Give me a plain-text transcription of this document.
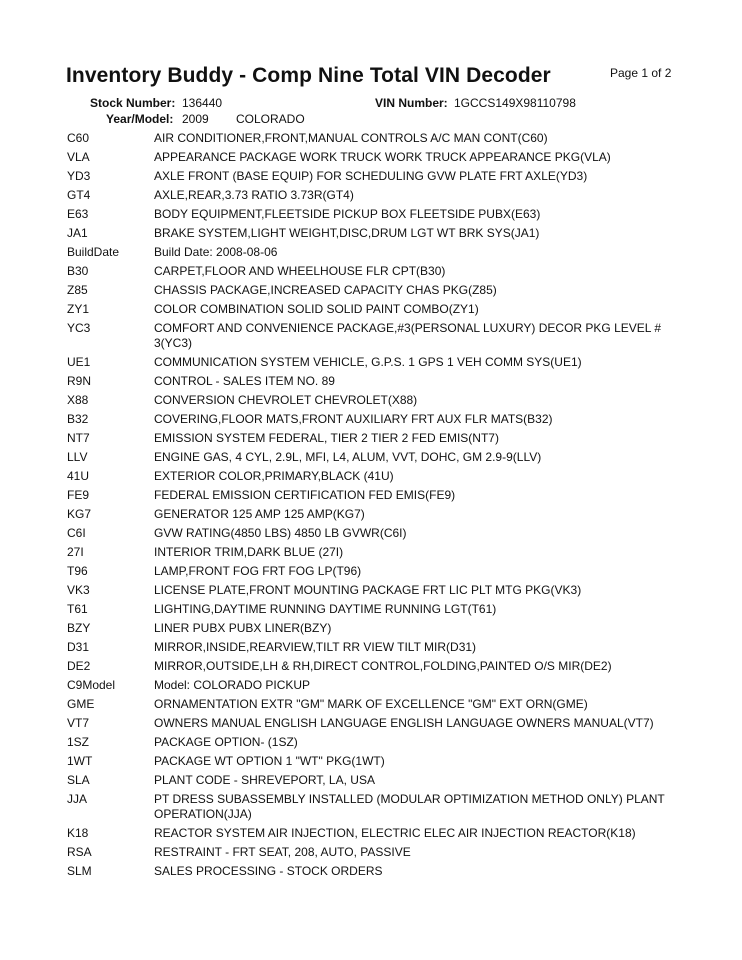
Inventory Buddy - Comp Nine Total VIN Decoder	Page 1 of 2
Stock Number: 136440	VIN Number: 1GCCS149X98110798
Year/Model: 2009 COLORADO
C60	AIR CONDITIONER,FRONT,MANUAL CONTROLS A/C MAN CONT(C60)
VLA	APPEARANCE PACKAGE WORK TRUCK WORK TRUCK APPEARANCE PKG(VLA)
YD3	AXLE FRONT (BASE EQUIP) FOR SCHEDULING GVW PLATE FRT AXLE(YD3)
GT4	AXLE,REAR,3.73 RATIO 3.73R(GT4)
E63	BODY EQUIPMENT,FLEETSIDE PICKUP BOX FLEETSIDE PUBX(E63)
JA1	BRAKE SYSTEM,LIGHT WEIGHT,DISC,DRUM LGT WT BRK SYS(JA1)
BuildDate	Build Date: 2008-08-06
B30	CARPET,FLOOR AND WHEELHOUSE FLR CPT(B30)
Z85	CHASSIS PACKAGE,INCREASED CAPACITY CHAS PKG(Z85)
ZY1	COLOR COMBINATION SOLID SOLID PAINT COMBO(ZY1)
YC3	COMFORT AND CONVENIENCE PACKAGE,#3(PERSONAL LUXURY) DECOR PKG LEVEL # 3(YC3)
UE1	COMMUNICATION SYSTEM VEHICLE, G.P.S. 1 GPS 1 VEH COMM SYS(UE1)
R9N	CONTROL - SALES ITEM NO. 89
X88	CONVERSION CHEVROLET CHEVROLET(X88)
B32	COVERING,FLOOR MATS,FRONT AUXILIARY FRT AUX FLR MATS(B32)
NT7	EMISSION SYSTEM FEDERAL, TIER 2 TIER 2 FED EMIS(NT7)
LLV	ENGINE GAS, 4 CYL, 2.9L, MFI, L4, ALUM, VVT, DOHC, GM 2.9-9(LLV)
41U	EXTERIOR COLOR,PRIMARY,BLACK (41U)
FE9	FEDERAL EMISSION CERTIFICATION FED EMIS(FE9)
KG7	GENERATOR 125 AMP 125 AMP(KG7)
C6I	GVW RATING(4850 LBS) 4850 LB GVWR(C6I)
27I	INTERIOR TRIM,DARK BLUE (27I)
T96	LAMP,FRONT FOG FRT FOG LP(T96)
VK3	LICENSE PLATE,FRONT MOUNTING PACKAGE FRT LIC PLT MTG PKG(VK3)
T61	LIGHTING,DAYTIME RUNNING DAYTIME RUNNING LGT(T61)
BZY	LINER PUBX PUBX LINER(BZY)
D31	MIRROR,INSIDE,REARVIEW,TILT RR VIEW TILT MIR(D31)
DE2	MIRROR,OUTSIDE,LH & RH,DIRECT CONTROL,FOLDING,PAINTED O/S MIR(DE2)
C9Model	Model: COLORADO PICKUP
GME	ORNAMENTATION EXTR "GM" MARK OF EXCELLENCE "GM" EXT ORN(GME)
VT7	OWNERS MANUAL ENGLISH LANGUAGE ENGLISH LANGUAGE OWNERS MANUAL(VT7)
1SZ	PACKAGE OPTION- (1SZ)
1WT	PACKAGE WT OPTION 1 "WT" PKG(1WT)
SLA	PLANT CODE - SHREVEPORT, LA, USA
JJA	PT DRESS SUBASSEMBLY INSTALLED (MODULAR OPTIMIZATION METHOD ONLY) PLANT OPERATION(JJA)
K18	REACTOR SYSTEM AIR INJECTION, ELECTRIC ELEC AIR INJECTION REACTOR(K18)
RSA	RESTRAINT - FRT SEAT, 208, AUTO, PASSIVE
SLM	SALES PROCESSING - STOCK ORDERS
